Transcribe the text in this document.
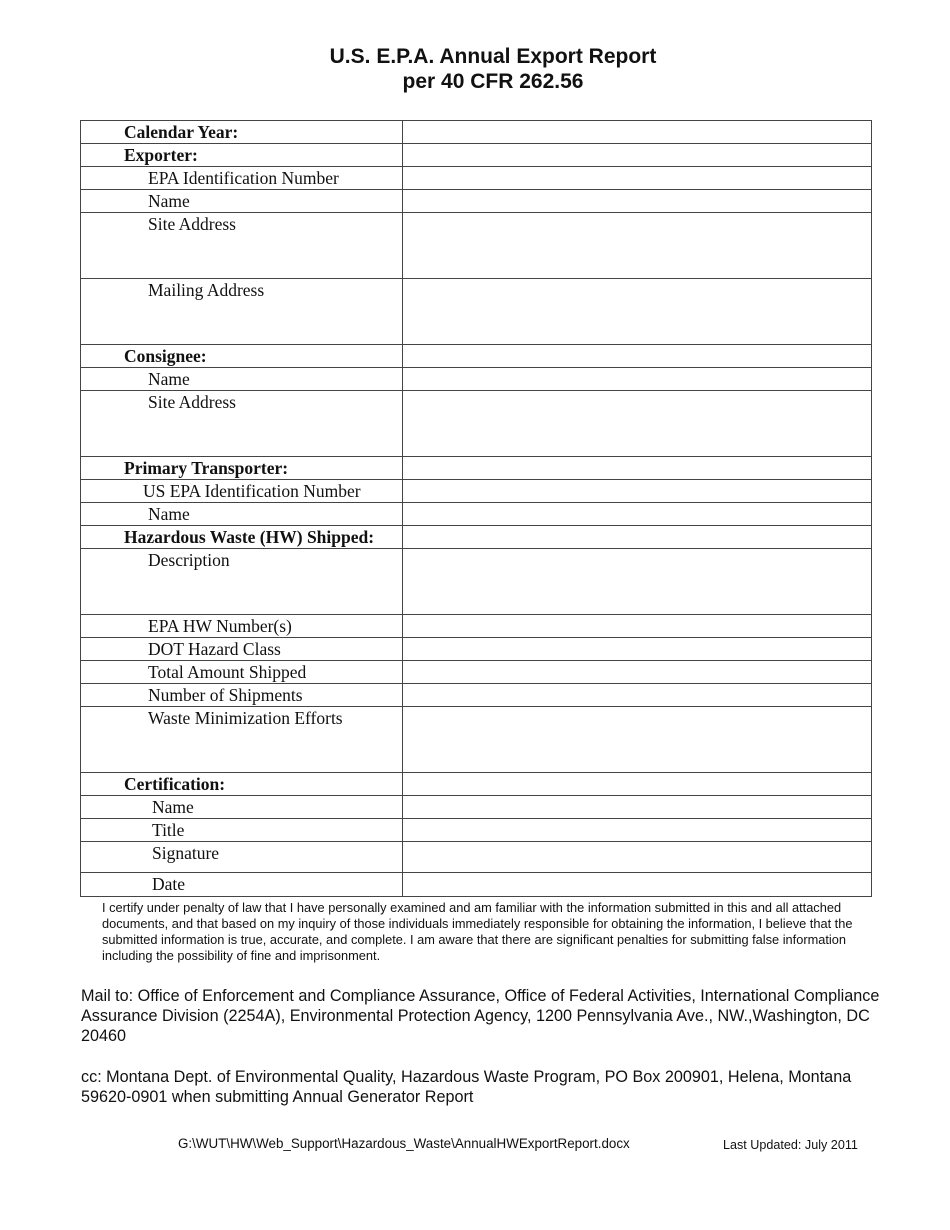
U.S. E.P.A. Annual Export Report
per 40 CFR 262.56
Calendar Year:	
Exporter:	
EPA Identification Number	
Name	
Site Address	
Mailing Address	
Consignee:	
Name	
Site Address	
Primary Transporter:	
US EPA Identification Number	
Name	
Hazardous Waste (HW) Shipped:	
Description	
EPA HW Number(s)	
DOT Hazard Class	
Total Amount Shipped	
Number of Shipments	
Waste Minimization Efforts	
Certification:	
Name	
Title	
Signature	
Date	
I certify under penalty of law that I have personally examined and am familiar with the information submitted in this and all attached documents, and that based on my inquiry of those individuals immediately responsible for obtaining the information, I believe that the submitted information is true, accurate, and complete. I am aware that there are significant penalties for submitting false information including the possibility of fine and imprisonment.
Mail to: Office of Enforcement and Compliance Assurance, Office of Federal Activities, International Compliance Assurance Division (2254A), Environmental Protection Agency, 1200 Pennsylvania Ave., NW.,Washington, DC 20460
cc: Montana Dept. of Environmental Quality, Hazardous Waste Program, PO Box 200901, Helena, Montana 59620-0901 when submitting Annual Generator Report
G:\WUT\HW\Web_Support\Hazardous_Waste\AnnualHWExportReport.docx	Last Updated: July 2011
